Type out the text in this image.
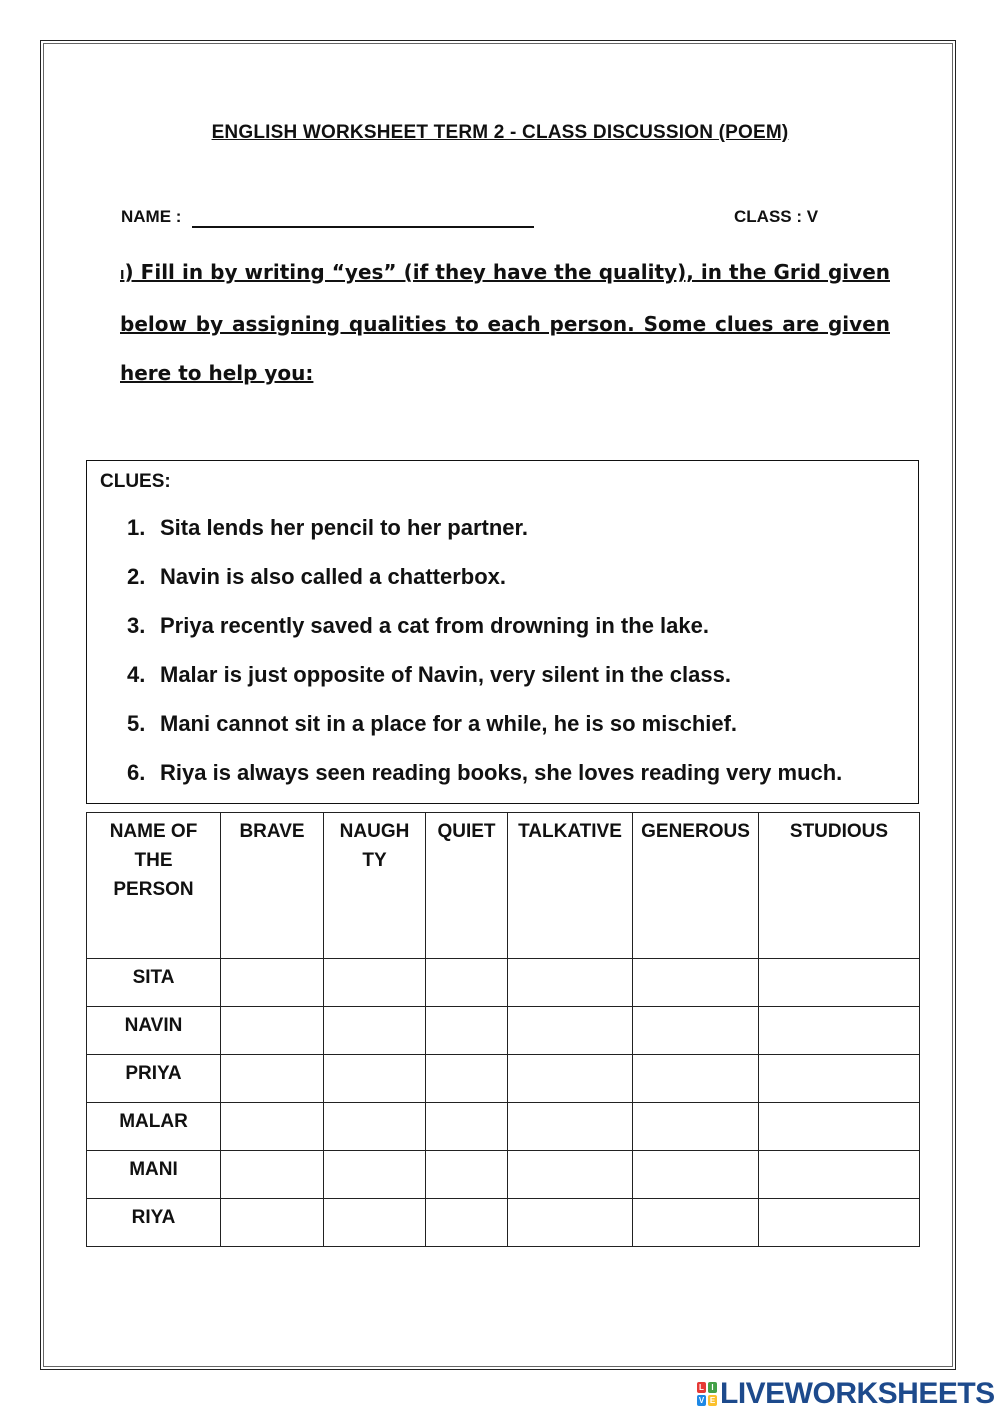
ENGLISH WORKSHEET TERM 2 - CLASS DISCUSSION (POEM)
NAME :	CLASS : V
I) Fill in by writing “yes” (if they have the quality), in the Grid given below by assigning qualities to each person. Some clues are given here to help you:
CLUES:
1. Sita lends her pencil to her partner.
2. Navin is also called a chatterbox.
3. Priya recently saved a cat from drowning in the lake.
4. Malar is just opposite of Navin, very silent in the class.
5. Mani cannot sit in a place for a while, he is so mischief.
6. Riya is always seen reading books, she loves reading very much.
NAME OF THE PERSON	BRAVE	NAUGH TY	QUIET	TALKATIVE	GENEROUS	STUDIOUS
SITA						
NAVIN						
PRIYA						
MALAR						
MANI						
RIYA						
L I
V E LIVEWORKSHEETS
